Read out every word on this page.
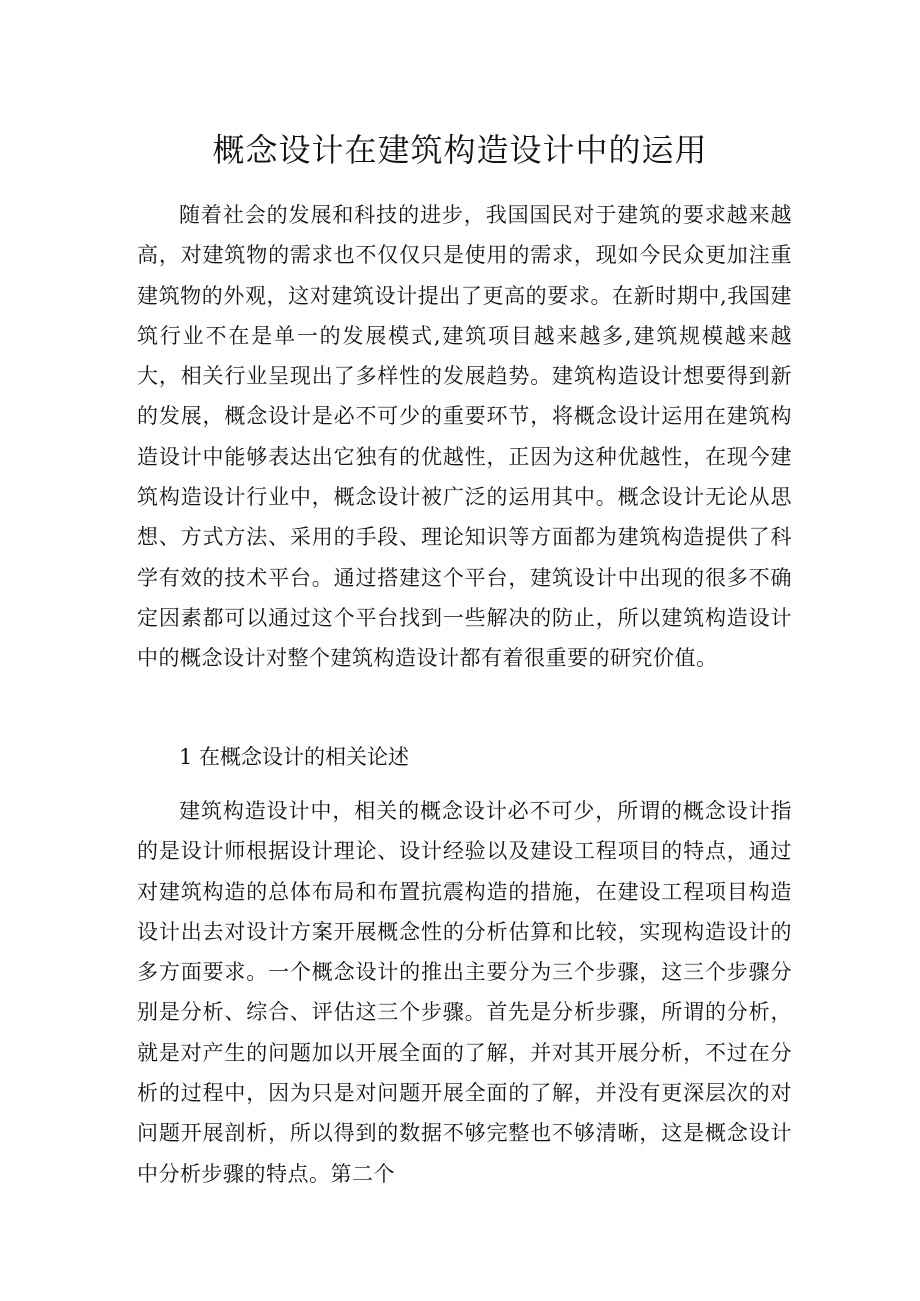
概念设计在建筑构造设计中的运用

随着社会的发展和科技的进步，我国国民对于建筑的要求越来越高，对建筑物的需求也不仅仅只是使用的需求，现如今民众更加注重建筑物的外观，这对建筑设计提出了更高的要求。在新时期中,我国建筑行业不在是单一的发展模式,建筑项目越来越多,建筑规模越来越大，相关行业呈现出了多样性的发展趋势。建筑构造设计想要得到新的发展，概念设计是必不可少的重要环节，将概念设计运用在建筑构造设计中能够表达出它独有的优越性，正因为这种优越性，在现今建筑构造设计行业中，概念设计被广泛的运用其中。概念设计无论从思想、方式方法、采用的手段、理论知识等方面都为建筑构造提供了科学有效的技术平台。通过搭建这个平台，建筑设计中出现的很多不确定因素都可以通过这个平台找到一些解决的防止，所以建筑构造设计中的概念设计对整个建筑构造设计都有着很重要的研究价值。

1 在概念设计的相关论述

建筑构造设计中，相关的概念设计必不可少，所谓的概念设计指的是设计师根据设计理论、设计经验以及建设工程项目的特点，通过对建筑构造的总体布局和布置抗震构造的措施，在建设工程项目构造设计出去对设计方案开展概念性的分析估算和比较，实现构造设计的多方面要求。一个概念设计的推出主要分为三个步骤，这三个步骤分别是分析、综合、评估这三个步骤。首先是分析步骤，所谓的分析，就是对产生的问题加以开展全面的了解，并对其开展分析，不过在分析的过程中，因为只是对问题开展全面的了解，并没有更深层次的对问题开展剖析，所以得到的数据不够完整也不够清晰，这是概念设计中分析步骤的特点。第二个
